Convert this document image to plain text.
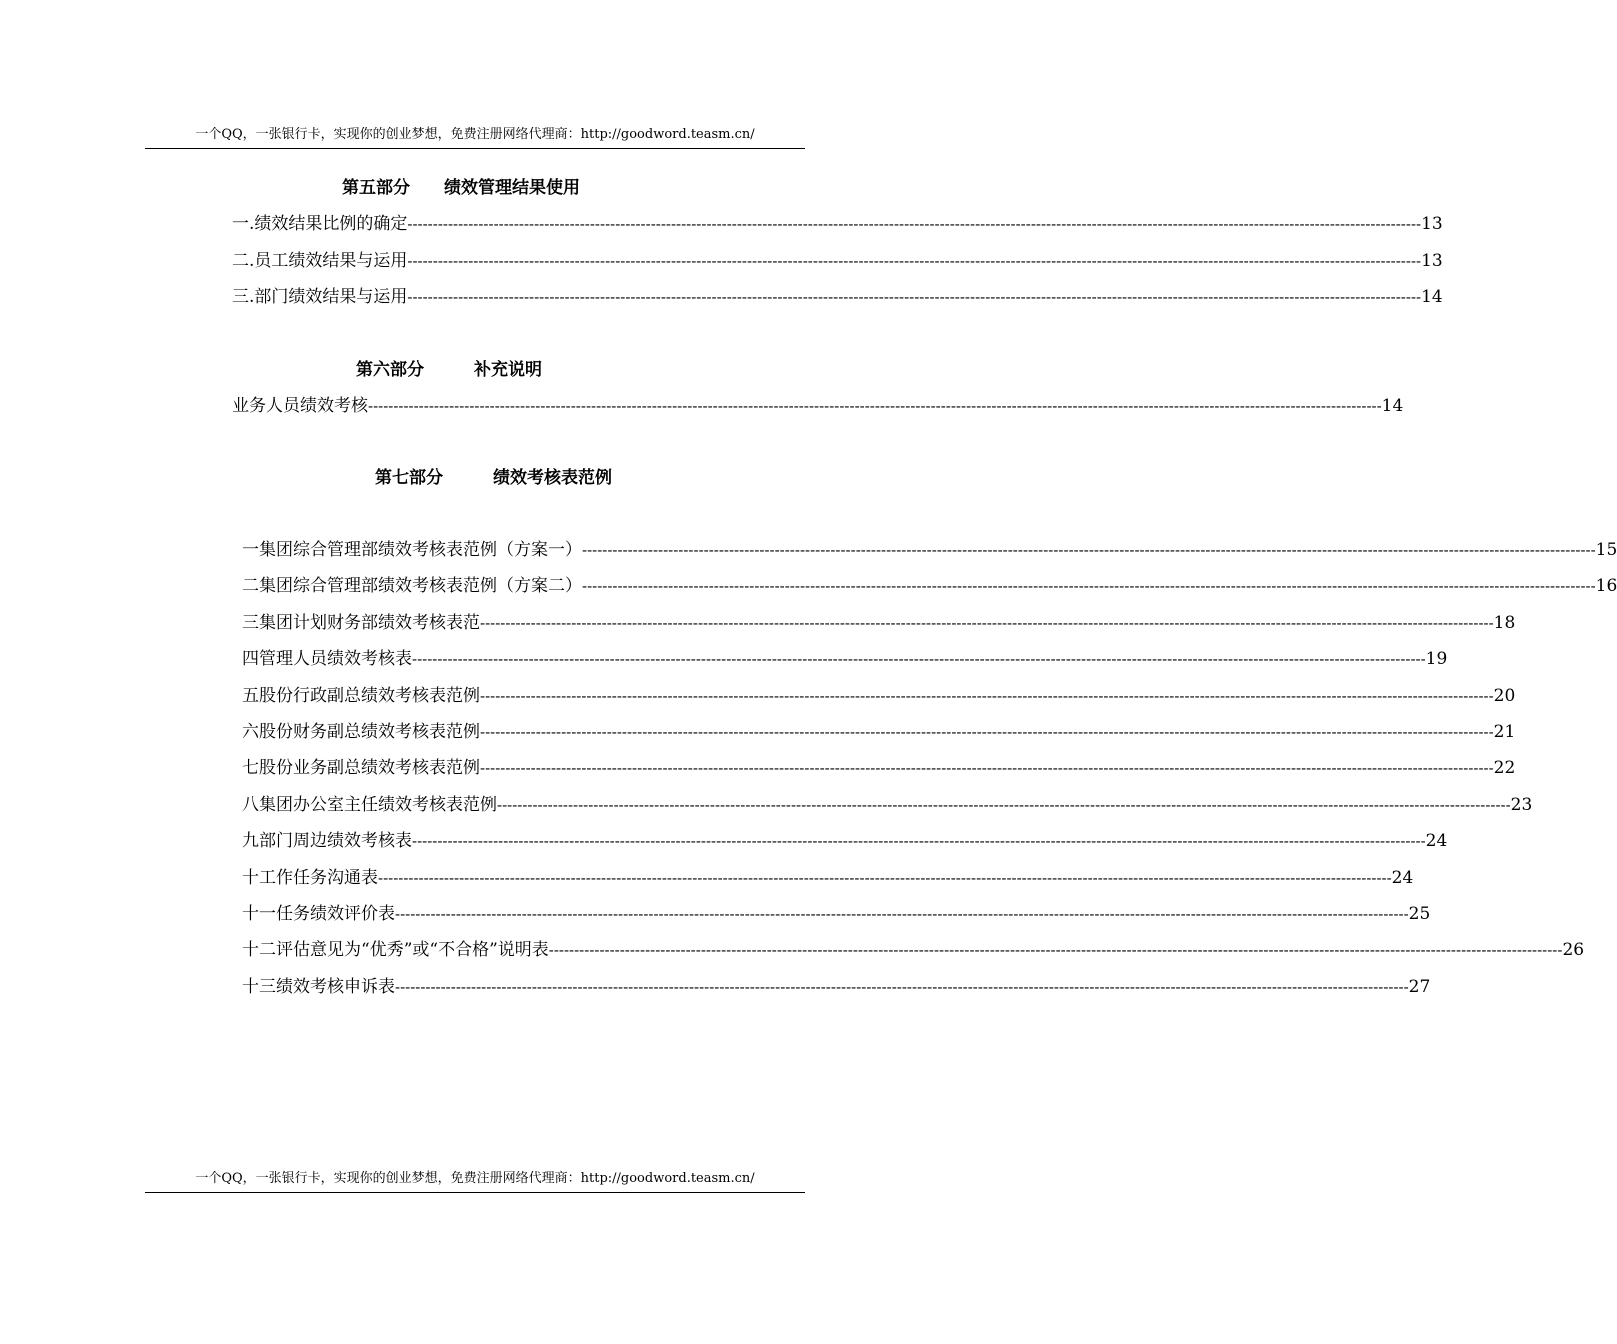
一个QQ，一张银行卡，实现你的创业梦想，免费注册网络代理商：http://goodword.teasm.cn/
第五部分 绩效管理结果使用
一. 绩效结果比例的确定 -------------------------------------------------------------------------------------------------------------------------------------------------------------------------------------------------------- 13
二. 员工绩效结果与运用 -------------------------------------------------------------------------------------------------------------------------------------------------------------------------------------------------------- 13
三. 部门绩效结果与运用 -------------------------------------------------------------------------------------------------------------------------------------------------------------------------------------------------------- 14
第六部分	补充说明
业务人员绩效考核 -------------------------------------------------------------------------------------------------------------------------------------------------------------------------------------------------------- 14
第七部分	绩效考核表范例
一 集团综合管理部绩效考核表范例（方案一） -------------------------------------------------------------------------------------------------------------------------------------------------------------------------------------------------------- 15
二 集团综合管理部绩效考核表范例（方案二） -------------------------------------------------------------------------------------------------------------------------------------------------------------------------------------------------------- 16
三 集团计划财务部绩效考核表范 -------------------------------------------------------------------------------------------------------------------------------------------------------------------------------------------------------- 18
四 管理人员绩效考核表 -------------------------------------------------------------------------------------------------------------------------------------------------------------------------------------------------------- 19
五 股份行政副总绩效考核表范例 -------------------------------------------------------------------------------------------------------------------------------------------------------------------------------------------------------- 20
六 股份财务副总绩效考核表范例 -------------------------------------------------------------------------------------------------------------------------------------------------------------------------------------------------------- 21
七 股份业务副总绩效考核表范例 -------------------------------------------------------------------------------------------------------------------------------------------------------------------------------------------------------- 22
八 集团办公室主任绩效考核表范例 -------------------------------------------------------------------------------------------------------------------------------------------------------------------------------------------------------- 23
九 部门周边绩效考核表 -------------------------------------------------------------------------------------------------------------------------------------------------------------------------------------------------------- 24
十 工作任务沟通表 -------------------------------------------------------------------------------------------------------------------------------------------------------------------------------------------------------- 24
十一 任务绩效评价表 -------------------------------------------------------------------------------------------------------------------------------------------------------------------------------------------------------- 25
十二 评估意见为“优秀”或“不合格”说明表 -------------------------------------------------------------------------------------------------------------------------------------------------------------------------------------------------------- 26
十三 绩效考核申诉表 -------------------------------------------------------------------------------------------------------------------------------------------------------------------------------------------------------- 27
一个QQ，一张银行卡，实现你的创业梦想，免费注册网络代理商：http://goodword.teasm.cn/
